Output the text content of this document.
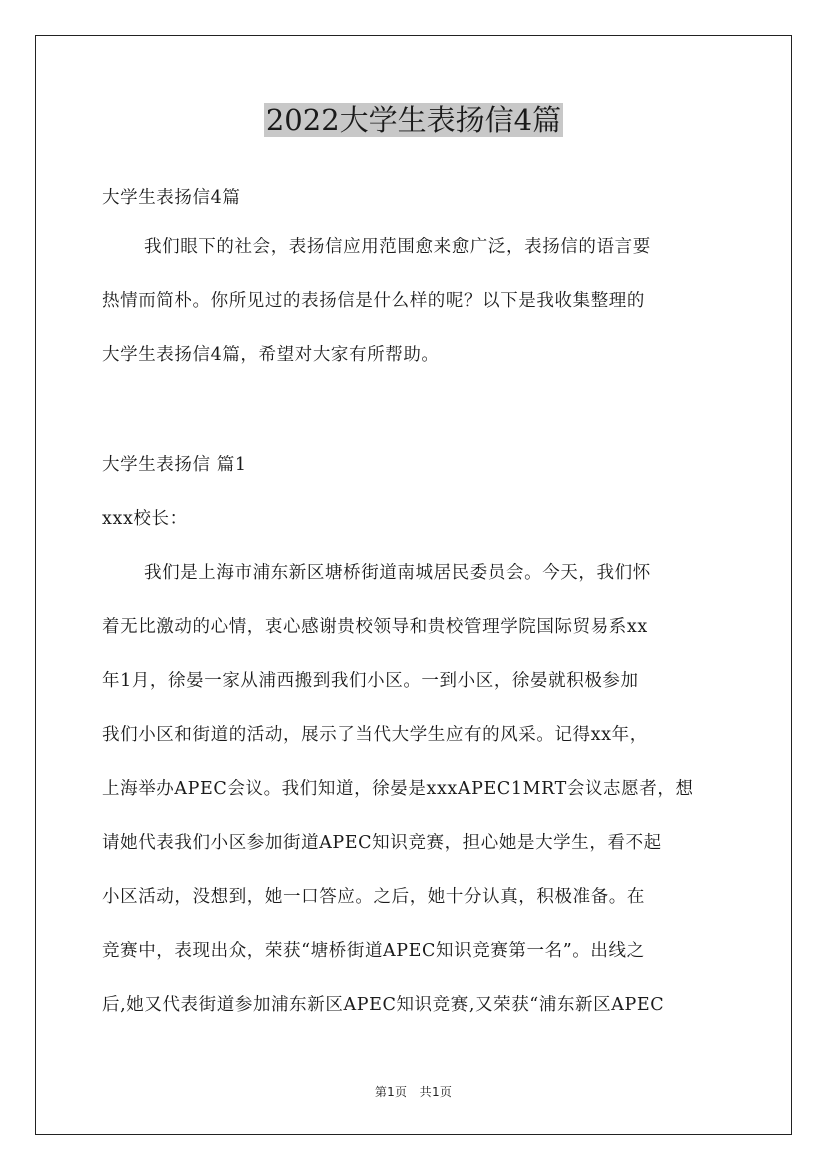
2022大学生表扬信4篇
大学生表扬信4篇
我们眼下的社会，表扬信应用范围愈来愈广泛，表扬信的语言要
热情而简朴。你所见过的表扬信是什么样的呢？以下是我收集整理的
大学生表扬信4篇，希望对大家有所帮助。
大学生表扬信 篇1
xxx校长：
我们是上海市浦东新区塘桥街道南城居民委员会。今天，我们怀
着无比激动的心情，衷心感谢贵校领导和贵校管理学院国际贸易系xx
年1月，徐晏一家从浦西搬到我们小区。一到小区，徐晏就积极参加
我们小区和街道的活动，展示了当代大学生应有的风采。记得xx年，
上海举办APEC会议。我们知道，徐晏是xxxAPEC1MRT会议志愿者，想
请她代表我们小区参加街道APEC知识竞赛，担心她是大学生，看不起
小区活动，没想到，她一口答应。之后，她十分认真，积极准备。在
竞赛中，表现出众，荣获“塘桥街道APEC知识竞赛第一名”。出线之
后,她又代表街道参加浦东新区APEC知识竞赛,又荣获“浦东新区APEC
第1页　共1页
